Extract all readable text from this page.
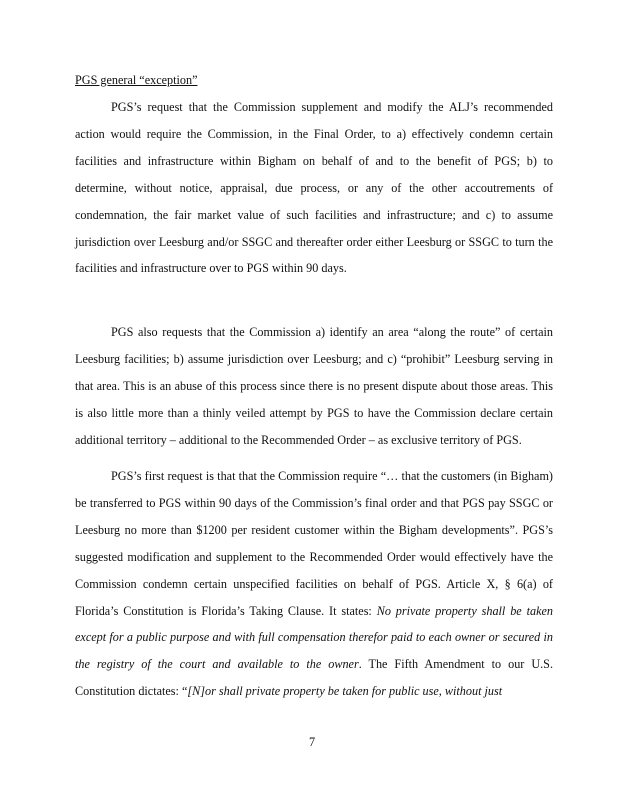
PGS general “exception”

PGS’s request that the Commission supplement and modify the ALJ’s recommended action would require the Commission, in the Final Order, to a) effectively condemn certain facilities and infrastructure within Bigham on behalf of and to the benefit of PGS; b) to determine, without notice, appraisal, due process, or any of the other accoutrements of condemnation, the fair market value of such facilities and infrastructure; and c) to assume jurisdiction over Leesburg and/or SSGC and thereafter order either Leesburg or SSGC to turn the facilities and infrastructure over to PGS within 90 days.

PGS also requests that the Commission a) identify an area “along the route” of certain Leesburg facilities; b) assume jurisdiction over Leesburg; and c) “prohibit” Leesburg serving in that area. This is an abuse of this process since there is no present dispute about those areas. This is also little more than a thinly veiled attempt by PGS to have the Commission declare certain additional territory – additional to the Recommended Order – as exclusive territory of PGS.

PGS’s first request is that that the Commission require “… that the customers (in Bigham) be transferred to PGS within 90 days of the Commission’s final order and that PGS pay SSGC or Leesburg no more than $1200 per resident customer within the Bigham developments”. PGS’s suggested modification and supplement to the Recommended Order would effectively have the Commission condemn certain unspecified facilities on behalf of PGS. Article X, § 6(a) of Florida’s Constitution is Florida’s Taking Clause. It states: No private property shall be taken except for a public purpose and with full compensation therefor paid to each owner or secured in the registry of the court and available to the owner. The Fifth Amendment to our U.S. Constitution dictates: “[N]or shall private property be taken for public use, without just

7
